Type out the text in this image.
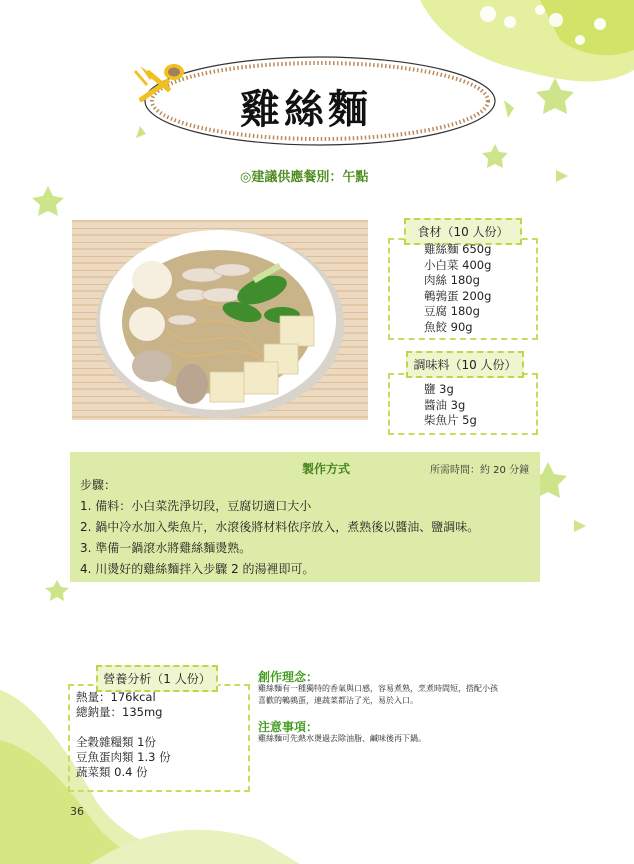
雞絲麵
◎建議供應餐別：午點
食材（10 人份）
雞絲麵 650g
小白菜 400g
肉絲 180g
鵪鶉蛋 200g
豆腐 180g
魚餃 90g
調味料（10 人份）
鹽 3g
醬油 3g
柴魚片 5g
製作方式	所需時間：約 20 分鐘
步驟：
1. 備料：小白菜洗淨切段，豆腐切適口大小
2. 鍋中冷水加入柴魚片，水滾後將材料依序放入，煮熟後以醬油、鹽調味。
3. 準備一鍋滾水將雞絲麵燙熟。
4. 川燙好的雞絲麵拌入步驟 2 的湯裡即可。
營養分析（1 人份）
熱量：176kcal
總鈉量：135mg
全穀雜糧類 1份
豆魚蛋肉類 1.3 份
蔬菜類 0.4 份
創作理念：
雞絲麵有一種獨特的香氣與口感，容易煮熟，烹煮時間短，搭配小孩
喜歡的鵪鶉蛋，連蔬菜都沾了光，易於入口。
注意事項：
雞絲麵可先熱水燙過去除油脂、鹹味後再下鍋。
36
